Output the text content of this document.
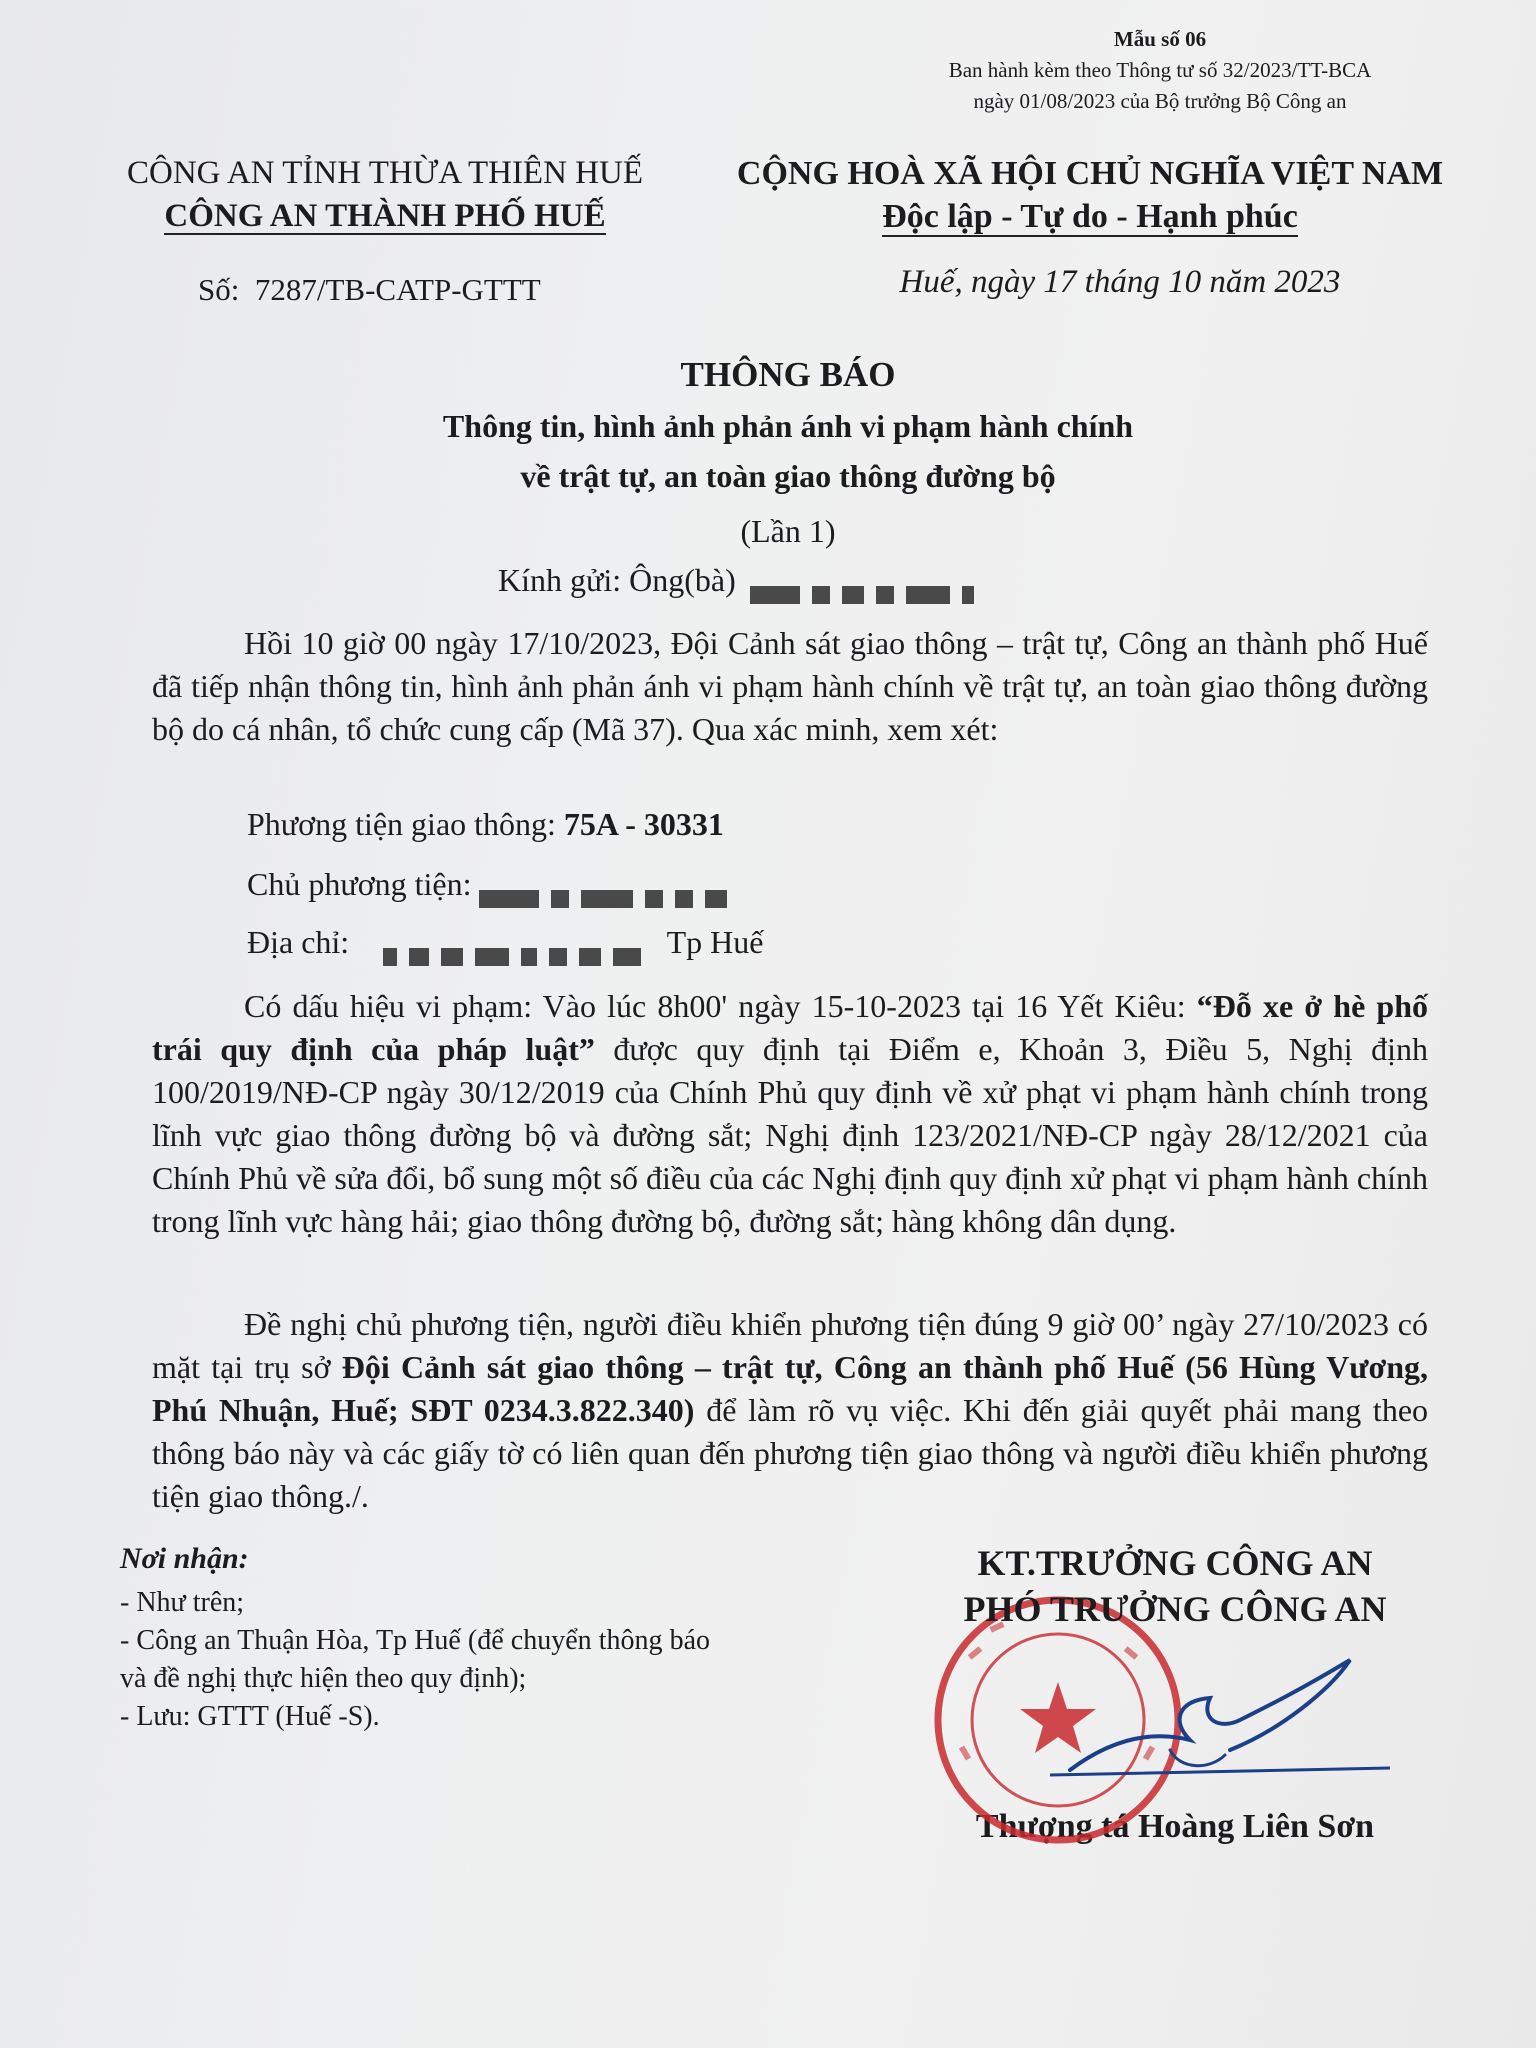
Mẫu số 06
Ban hành kèm theo Thông tư số 32/2023/TT-BCA
ngày 01/08/2023 của Bộ trưởng Bộ Công an
CÔNG AN TỈNH THỪA THIÊN HUẾ
CÔNG AN THÀNH PHỐ HUẾ
CỘNG HOÀ XÃ HỘI CHỦ NGHĨA VIỆT NAM
Độc lập - Tự do - Hạnh phúc
Số: 7287/TB-CATP-GTTT	Huế, ngày 17 tháng 10 năm 2023
THÔNG BÁO
Thông tin, hình ảnh phản ánh vi phạm hành chính
về trật tự, an toàn giao thông đường bộ
(Lần 1)
Kính gửi: Ông(bà)

Hồi 10 giờ 00 ngày 17/10/2023, Đội Cảnh sát giao thông – trật tự, Công an thành phố Huế đã tiếp nhận thông tin, hình ảnh phản ánh vi phạm hành chính về trật tự, an toàn giao thông đường bộ do cá nhân, tổ chức cung cấp (Mã 37). Qua xác minh, xem xét:

Phương tiện giao thông: 75A - 30331
Chủ phương tiện:
Địa chỉ:	Tp Huế

Có dấu hiệu vi phạm: Vào lúc 8h00' ngày 15-10-2023 tại 16 Yết Kiêu: “Đỗ xe ở hè phố trái quy định của pháp luật” được quy định tại Điểm e, Khoản 3, Điều 5, Nghị định 100/2019/NĐ-CP ngày 30/12/2019 của Chính Phủ quy định về xử phạt vi phạm hành chính trong lĩnh vực giao thông đường bộ và đường sắt; Nghị định 123/2021/NĐ-CP ngày 28/12/2021 của Chính Phủ về sửa đổi, bổ sung một số điều của các Nghị định quy định xử phạt vi phạm hành chính trong lĩnh vực hàng hải; giao thông đường bộ, đường sắt; hàng không dân dụng.

Đề nghị chủ phương tiện, người điều khiển phương tiện đúng 9 giờ 00’ ngày 27/10/2023 có mặt tại trụ sở Đội Cảnh sát giao thông – trật tự, Công an thành phố Huế (56 Hùng Vương, Phú Nhuận, Huế; SĐT 0234.3.822.340) để làm rõ vụ việc. Khi đến giải quyết phải mang theo thông báo này và các giấy tờ có liên quan đến phương tiện giao thông và người điều khiển phương tiện giao thông./.

Nơi nhận:
- Như trên;
- Công an Thuận Hòa, Tp Huế (để chuyển thông báo và đề nghị thực hiện theo quy định);
- Lưu: GTTT (Huế -S).
KT.TRƯỞNG CÔNG AN
PHÓ TRƯỞNG CÔNG AN
Thượng tá Hoàng Liên Sơn
